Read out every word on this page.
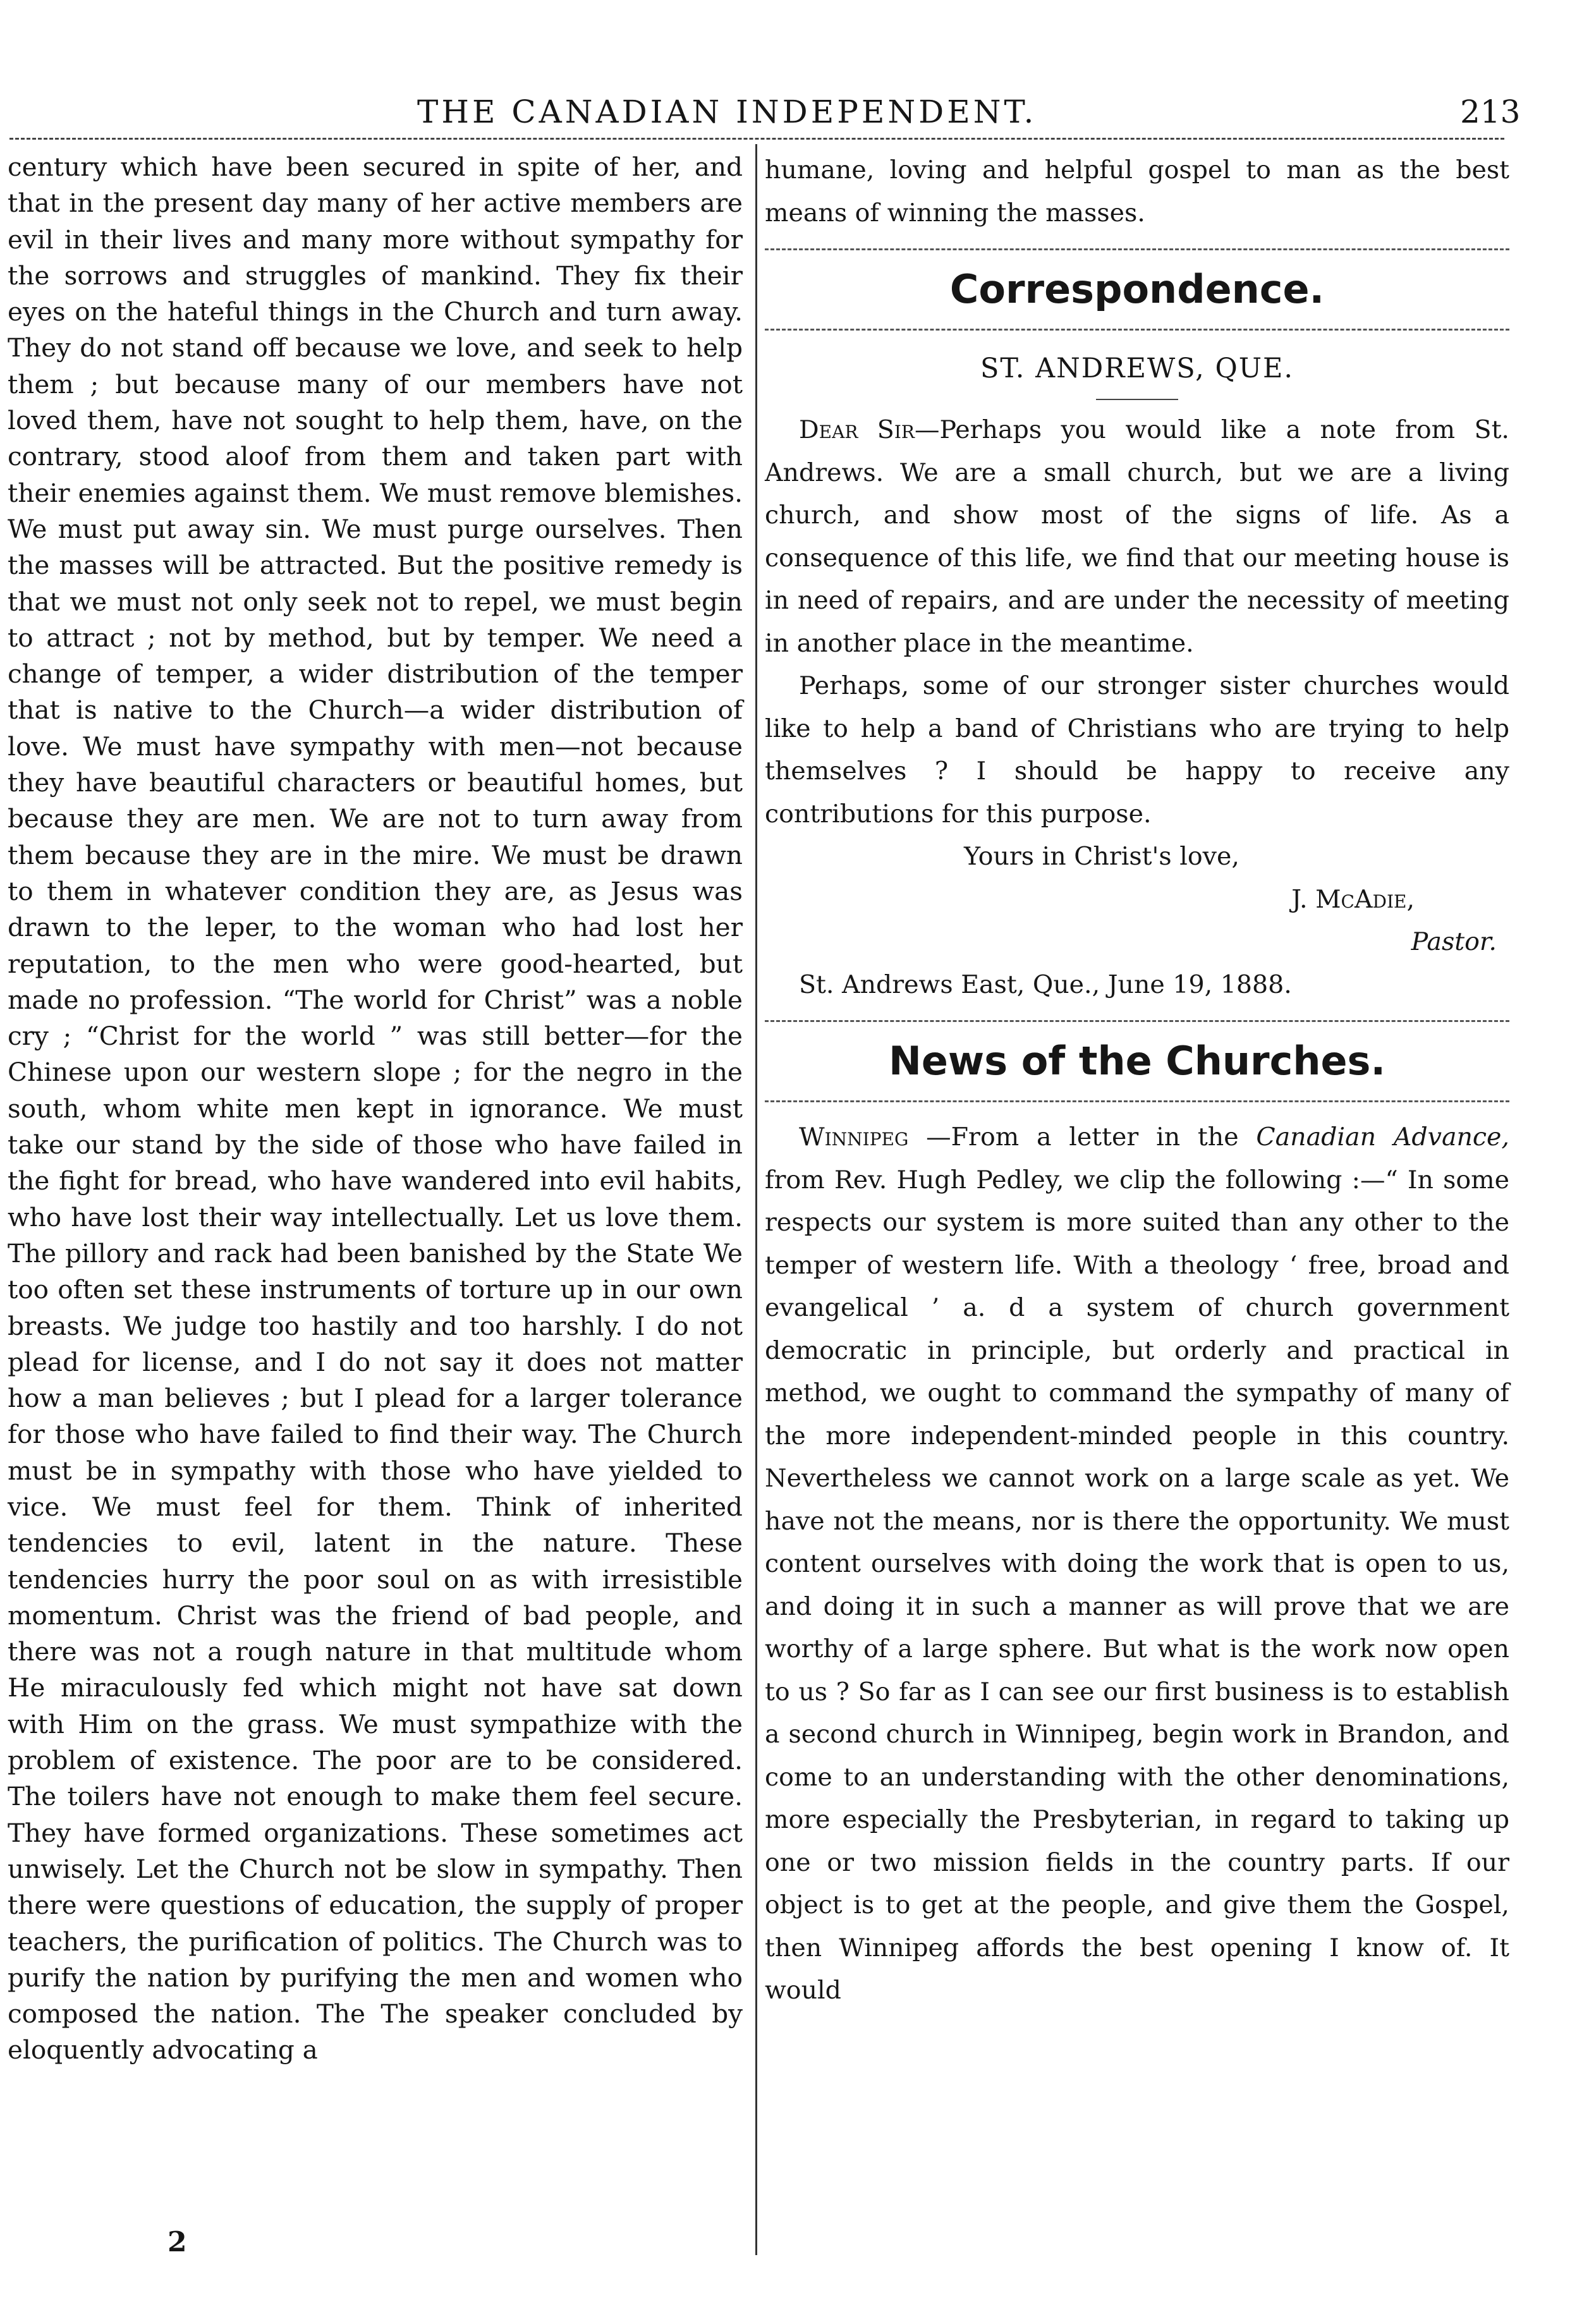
THE CANADIAN INDEPENDENT.	213

century which have been secured in spite of her, and that in the present day many of her active members are evil in their lives and many more without sympathy for the sorrows and struggles of mankind. They fix their eyes on the hateful things in the Church and turn away. They do not stand off because we love, and seek to help them ; but because many of our members have not loved them, have not sought to help them, have, on the contrary, stood aloof from them and taken part with their enemies against them. We must remove blemishes. We must put away sin. We must purge ourselves. Then the masses will be attracted. But the positive remedy is that we must not only seek not to repel, we must begin to attract ; not by method, but by temper. We need a change of temper, a wider distribution of the temper that is native to the Church—a wider distribution of love. We must have sympathy with men—not because they have beautiful characters or beautiful homes, but because they are men. We are not to turn away from them because they are in the mire. We must be drawn to them in whatever condition they are, as Jesus was drawn to the leper, to the woman who had lost her reputation, to the men who were good-hearted, but made no profession. “The world for Christ” was a noble cry ; “Christ for the world ” was still better—for the Chinese upon our western slope ; for the negro in the south, whom white men kept in ignorance. We must take our stand by the side of those who have failed in the fight for bread, who have wandered into evil habits, who have lost their way intellectually. Let us love them. The pillory and rack had been banished by the State We too often set these instruments of torture up in our own breasts. We judge too hastily and too harshly. I do not plead for license, and I do not say it does not matter how a man believes ; but I plead for a larger tolerance for those who have failed to find their way. The Church must be in sympathy with those who have yielded to vice. We must feel for them. Think of inherited tendencies to evil, latent in the nature. These tendencies hurry the poor soul on as with irresistible momentum. Christ was the friend of bad people, and there was not a rough nature in that multitude whom He miraculously fed which might not have sat down with Him on the grass. We must sympathize with the problem of existence. The poor are to be considered. The toilers have not enough to make them feel secure. They have formed organizations. These sometimes act unwisely. Let the Church not be slow in sympathy. Then there were questions of education, the supply of proper teachers, the purification of politics. The Church was to purify the nation by purifying the men and women who composed the nation. The The speaker concluded by eloquently advocating a

humane, loving and helpful gospel to man as the best means of winning the masses.

Correspondence.
ST. ANDREWS, QUE.

Dear Sir—Perhaps you would like a note from St. Andrews. We are a small church, but we are a living church, and show most of the signs of life. As a consequence of this life, we find that our meeting house is in need of repairs, and are under the necessity of meeting in another place in the meantime.

Perhaps, some of our stronger sister churches would like to help a band of Christians who are trying to help themselves ? I should be happy to receive any contributions for this purpose.

Yours in Christ's love,

J. McAdie,

Pastor.

St. Andrews East, Que., June 19, 1888.

News of the Churches.

Winnipeg —From a letter in the Canadian Advance, from Rev. Hugh Pedley, we clip the following :—“ In some respects our system is more suited than any other to the temper of western life. With a theology ‘ free, broad and evangelical ’ a. d a system of church government democratic in principle, but orderly and practical in method, we ought to command the sympathy of many of the more independent-minded people in this country. Nevertheless we cannot work on a large scale as yet. We have not the means, nor is there the opportunity. We must content ourselves with doing the work that is open to us, and doing it in such a manner as will prove that we are worthy of a large sphere. But what is the work now open to us ? So far as I can see our first business is to establish a second church in Winnipeg, begin work in Brandon, and come to an understanding with the other denominations, more especially the Presbyterian, in regard to taking up one or two mission fields in the country parts. If our object is to get at the people, and give them the Gospel, then Winnipeg affords the best opening I know of. It would

2
